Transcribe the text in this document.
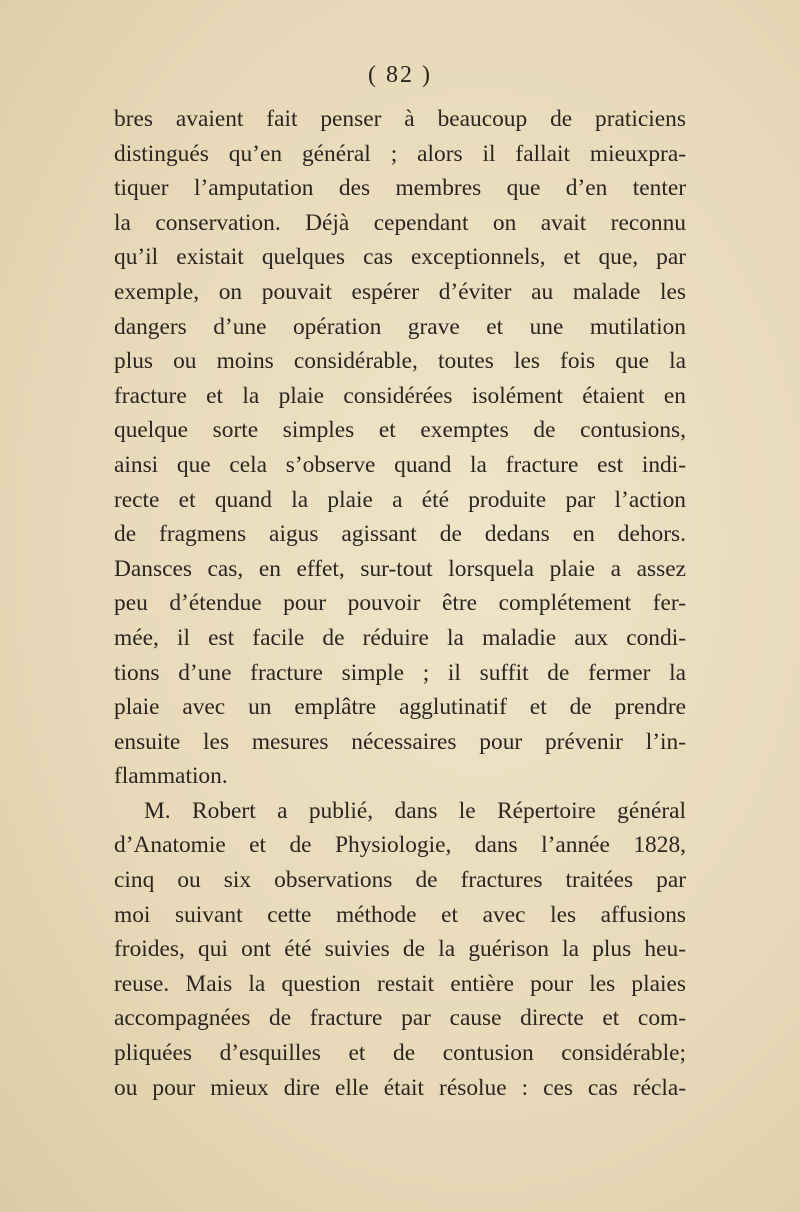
( 82 )
bres avaient fait penser à beaucoup de praticiens
distingués qu’en général ; alors il fallait mieuxpra-
tiquer l’amputation des membres que d’en tenter
la conservation. Déjà cependant on avait reconnu
qu’il existait quelques cas exceptionnels, et que, par
exemple, on pouvait espérer d’éviter au malade les
dangers d’une opération grave et une mutilation
plus ou moins considérable, toutes les fois que la
fracture et la plaie considérées isolément étaient en
quelque sorte simples et exemptes de contusions,
ainsi que cela s’observe quand la fracture est indi-
recte et quand la plaie a été produite par l’action
de fragmens aigus agissant de dedans en dehors.
Dansces cas, en effet, sur-tout lorsquela plaie a assez
peu d’étendue pour pouvoir être complétement fer-
mée, il est facile de réduire la maladie aux condi-
tions d’une fracture simple ; il suffit de fermer la
plaie avec un emplâtre agglutinatif et de prendre
ensuite les mesures nécessaires pour prévenir l’in-
flammation.
M. Robert a publié, dans le Répertoire général
d’Anatomie et de Physiologie, dans l’année 1828,
cinq ou six observations de fractures traitées par
moi suivant cette méthode et avec les affusions
froides, qui ont été suivies de la guérison la plus heu-
reuse. Mais la question restait entière pour les plaies
accompagnées de fracture par cause directe et com-
pliquées d’esquilles et de contusion considérable;
ou pour mieux dire elle était résolue : ces cas récla-
